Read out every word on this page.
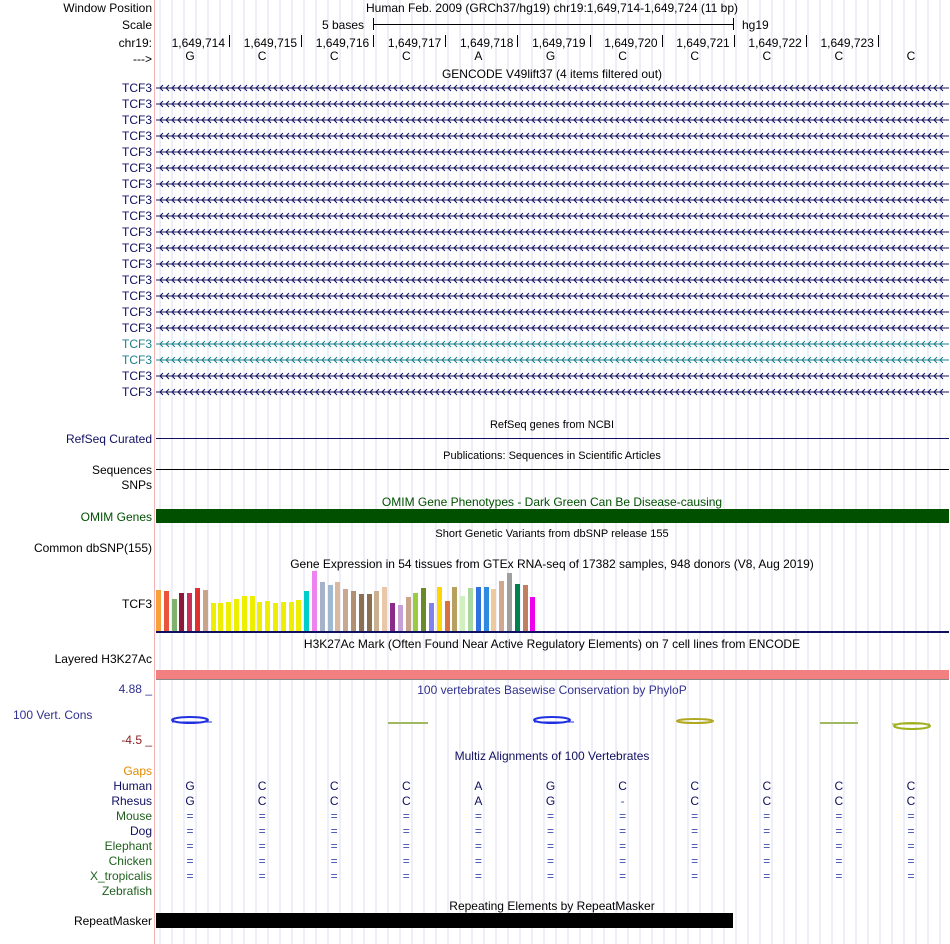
Window Position	Human Feb. 2009 (GRCh37/hg19) chr19:1,649,714-1,649,724 (11 bp)
Scale	5 bases	hg19
chr19:	1,649,714	1,649,715	1,649,716	1,649,717	1,649,718	1,649,719	1,649,720	1,649,721	1,649,722	1,649,723
--->	G	C	C	C	A	G	C	C	C	C	C
GENCODE V49lift37 (4 items filtered out)
TCF3
TCF3
TCF3
TCF3
TCF3
TCF3
TCF3
TCF3
TCF3
TCF3
TCF3
TCF3
TCF3
TCF3
TCF3
TCF3
TCF3
TCF3
TCF3
TCF3
RefSeq genes from NCBI
RefSeq Curated
Publications: Sequences in Scientific Articles
Sequences
SNPs
OMIM Gene Phenotypes - Dark Green Can Be Disease-causing
OMIM Genes
Short Genetic Variants from dbSNP release 155
Common dbSNP(155)
Gene Expression in 54 tissues from GTEx RNA-seq of 17382 samples, 948 donors (V8, Aug 2019)
TCF3
H3K27Ac Mark (Often Found Near Active Regulatory Elements) on 7 cell lines from ENCODE
Layered H3K27Ac
100 vertebrates Basewise Conservation by PhyloP
4.88 _
100 Vert. Cons
-4.5 _
Multiz Alignments of 100 Vertebrates
Gaps
Human	G	C	C	C	A	G	C	C	C	C	C
Rhesus	G	C	C	C	A	G	-	C	C	C	C
Mouse	=	=	=	=	=	=	=	=	=	=	=
Dog	=	=	=	=	=	=	=	=	=	=	=
Elephant	=	=	=	=	=	=	=	=	=	=	=
Chicken	=	=	=	=	=	=	=	=	=	=	=
X_tropicalis	=	=	=	=	=	=	=	=	=	=	=
Zebrafish
Repeating Elements by RepeatMasker
RepeatMasker
